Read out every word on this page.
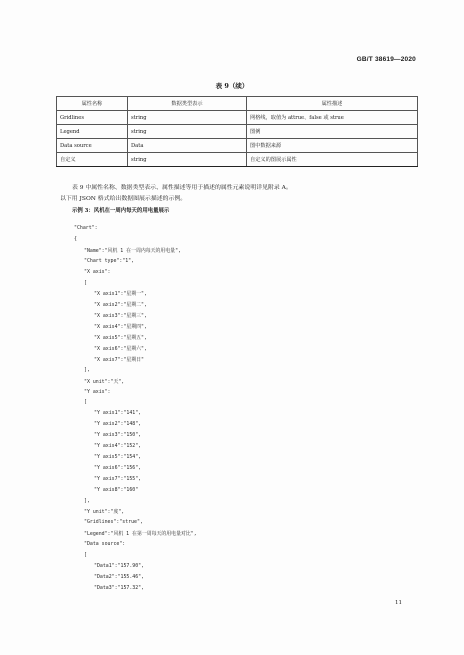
GB/T 38619—2020
表 9（续）
属性名称	数据类型表示	属性描述
Gridlines	string	网格线，取值为 attrue、false 或 strue
Legend	string	图例
Data source	Data	图中数据来源
自定义	string	自定义的图展示属性
表 9 中属性名称、数据类型表示、属性描述等用于描述的属性元素说明详见附录 A。
以下用 JSON 格式给出数据图展示描述的示例。
示例 3：风机在一周内每天的用电量展示
"Chart":
{
"Name":"风机 1 在一周内每天的用电量",
"Chart type":"1",
"X axis":
[
"X axis1":"星期一",
"X axis2":"星期二",
"X axis3":"星期三",
"X axis4":"星期四",
"X axis5":"星期五",
"X axis6":"星期六",
"X axis7":"星期日"
],
"X unit":"天",
"Y axis":
[
"Y axis1":"141",
"Y axis2":"148",
"Y axis3":"150",
"Y axis4":"152",
"Y axis5":"154",
"Y axis6":"156",
"Y axis7":"155",
"Y axis8":"160"
],
"Y unit":"度",
"Gridlines":"strue",
"Legend":"风机 1 在第一周每天的用电量对比",
"Data source":
[
"Data1":"157.90",
"Data2":"155.46",
"Data3":"157.32",
11
